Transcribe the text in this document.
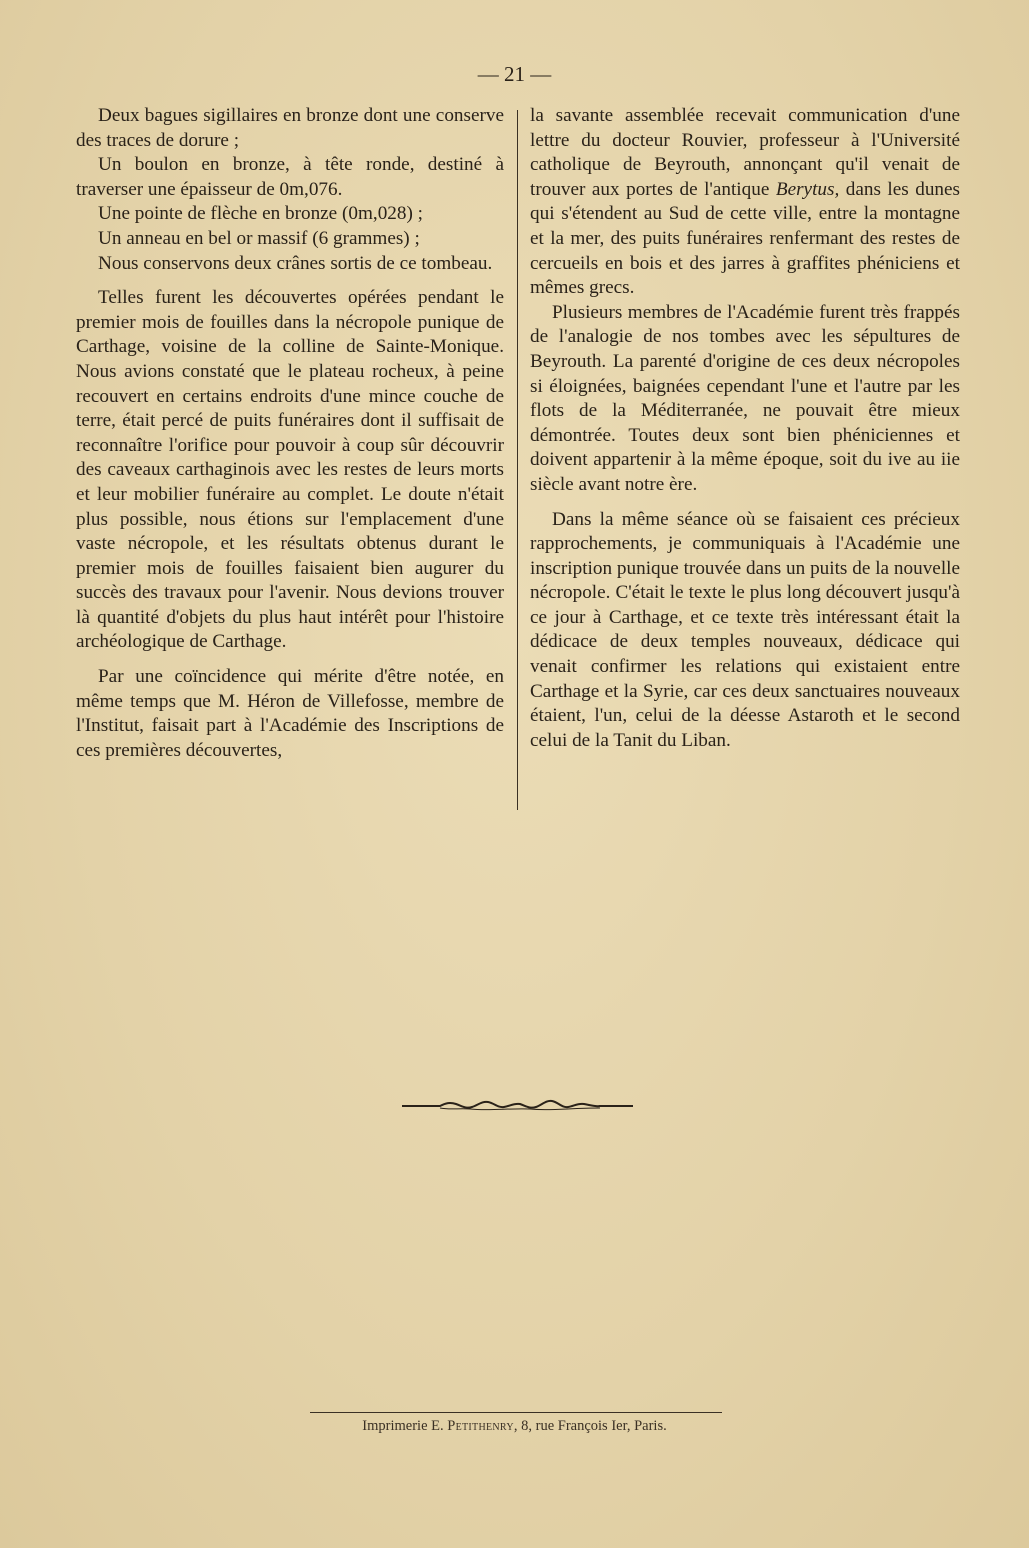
— 21 —

Deux bagues sigillaires en bronze dont une conserve des traces de dorure ;

Un boulon en bronze, à tête ronde, destiné à traverser une épaisseur de 0m,076.

Une pointe de flèche en bronze (0m,028) ;

Un anneau en bel or massif (6 grammes) ;

Nous conservons deux crânes sortis de ce tombeau.

Telles furent les découvertes opérées pendant le premier mois de fouilles dans la nécropole punique de Carthage, voisine de la colline de Sainte-Monique. Nous avions constaté que le plateau rocheux, à peine recouvert en certains endroits d'une mince couche de terre, était percé de puits funéraires dont il suffisait de reconnaître l'orifice pour pouvoir à coup sûr découvrir des caveaux carthaginois avec les restes de leurs morts et leur mobilier funéraire au complet. Le doute n'était plus possible, nous étions sur l'emplacement d'une vaste nécropole, et les résultats obtenus durant le premier mois de fouilles faisaient bien augurer du succès des travaux pour l'avenir. Nous devions trouver là quantité d'objets du plus haut intérêt pour l'histoire archéologique de Carthage.

Par une coïncidence qui mérite d'être notée, en même temps que M. Héron de Villefosse, membre de l'Institut, faisait part à l'Académie des Inscriptions de ces premières découvertes,

la savante assemblée recevait communication d'une lettre du docteur Rouvier, professeur à l'Université catholique de Beyrouth, annonçant qu'il venait de trouver aux portes de l'antique Berytus, dans les dunes qui s'étendent au Sud de cette ville, entre la montagne et la mer, des puits funéraires renfermant des restes de cercueils en bois et des jarres à graffites phéniciens et mêmes grecs.

Plusieurs membres de l'Académie furent très frappés de l'analogie de nos tombes avec les sépultures de Beyrouth. La parenté d'origine de ces deux nécropoles si éloignées, baignées cependant l'une et l'autre par les flots de la Méditerranée, ne pouvait être mieux démontrée. Toutes deux sont bien phéniciennes et doivent appartenir à la même époque, soit du ive au iie siècle avant notre ère.

Dans la même séance où se faisaient ces précieux rapprochements, je communiquais à l'Académie une inscription punique trouvée dans un puits de la nouvelle nécropole. C'était le texte le plus long découvert jusqu'à ce jour à Carthage, et ce texte très intéressant était la dédicace de deux temples nouveaux, dédicace qui venait confirmer les relations qui existaient entre Carthage et la Syrie, car ces deux sanctuaires nouveaux étaient, l'un, celui de la déesse Astaroth et le second celui de la Tanit du Liban.

Imprimerie E. Petithenry, 8, rue François Ier, Paris.
